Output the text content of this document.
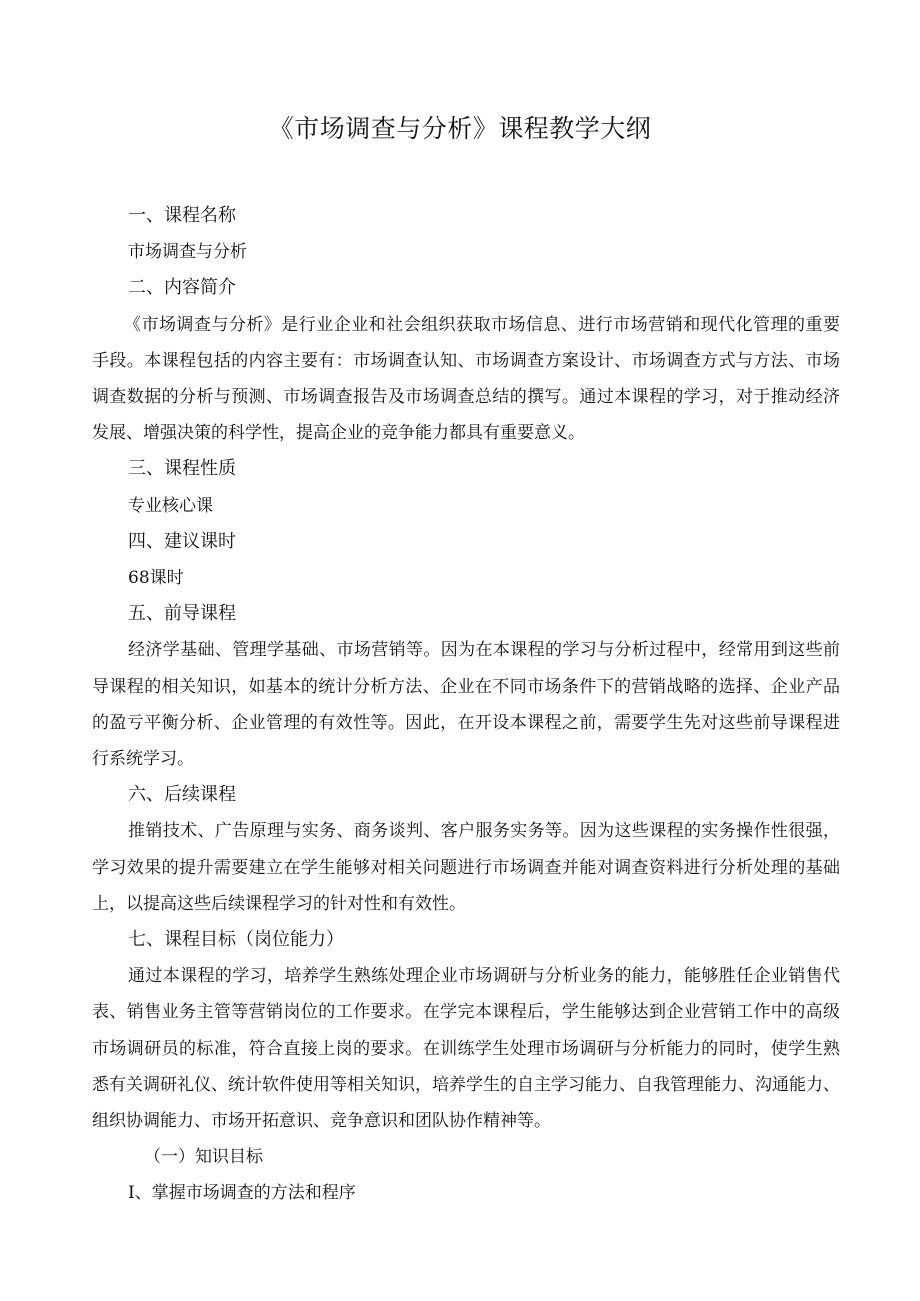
《市场调查与分析》课程教学大纲
一、课程名称
市场调查与分析
二、内容简介
《市场调查与分析》是行业企业和社会组织获取市场信息、进行市场营销和现代化管理的重要
手段。本课程包括的内容主要有：市场调查认知、市场调查方案设计、市场调查方式与方法、市场
调查数据的分析与预测、市场调查报告及市场调查总结的撰写。通过本课程的学习，对于推动经济
发展、增强决策的科学性，提高企业的竞争能力都具有重要意义。
三、课程性质
专业核心课
四、建议课时
68课时
五、前导课程
经济学基础、管理学基础、市场营销等。因为在本课程的学习与分析过程中，经常用到这些前
导课程的相关知识，如基本的统计分析方法、企业在不同市场条件下的营销战略的选择、企业产品
的盈亏平衡分析、企业管理的有效性等。因此，在开设本课程之前，需要学生先对这些前导课程进
行系统学习。
六、后续课程
推销技术、广告原理与实务、商务谈判、客户服务实务等。因为这些课程的实务操作性很强，
学习效果的提升需要建立在学生能够对相关问题进行市场调查并能对调查资料进行分析处理的基础
上，以提高这些后续课程学习的针对性和有效性。
七、课程目标（岗位能力）
通过本课程的学习，培养学生熟练处理企业市场调研与分析业务的能力，能够胜任企业销售代
表、销售业务主管等营销岗位的工作要求。在学完本课程后，学生能够达到企业营销工作中的高级
市场调研员的标准，符合直接上岗的要求。在训练学生处理市场调研与分析能力的同时，使学生熟
悉有关调研礼仪、统计软件使用等相关知识，培养学生的自主学习能力、自我管理能力、沟通能力、
组织协调能力、市场开拓意识、竞争意识和团队协作精神等。
（一）知识目标
I、掌握市场调查的方法和程序
